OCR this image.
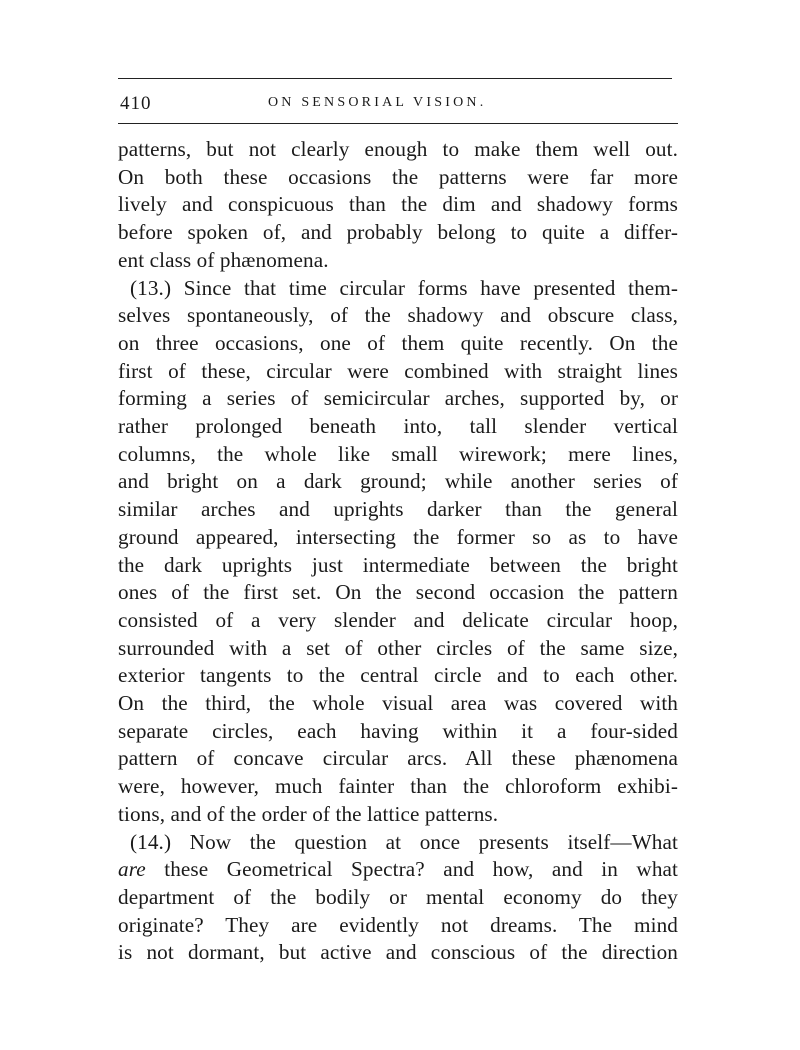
410	ON SENSORIAL VISION.
patterns, but not clearly enough to make them well out.
On both these occasions the patterns were far more
lively and conspicuous than the dim and shadowy forms
before spoken of, and probably belong to quite a differ-
ent class of phænomena.
(13.) Since that time circular forms have presented them-
selves spontaneously, of the shadowy and obscure class,
on three occasions, one of them quite recently. On the
first of these, circular were combined with straight lines
forming a series of semicircular arches, supported by, or
rather prolonged beneath into, tall slender vertical
columns, the whole like small wirework; mere lines,
and bright on a dark ground; while another series of
similar arches and uprights darker than the general
ground appeared, intersecting the former so as to have
the dark uprights just intermediate between the bright
ones of the first set. On the second occasion the pattern
consisted of a very slender and delicate circular hoop,
surrounded with a set of other circles of the same size,
exterior tangents to the central circle and to each other.
On the third, the whole visual area was covered with
separate circles, each having within it a four-sided
pattern of concave circular arcs. All these phænomena
were, however, much fainter than the chloroform exhibi-
tions, and of the order of the lattice patterns.
(14.) Now the question at once presents itself—What
are these Geometrical Spectra? and how, and in what
department of the bodily or mental economy do they
originate? They are evidently not dreams. The mind
is not dormant, but active and conscious of the direction
